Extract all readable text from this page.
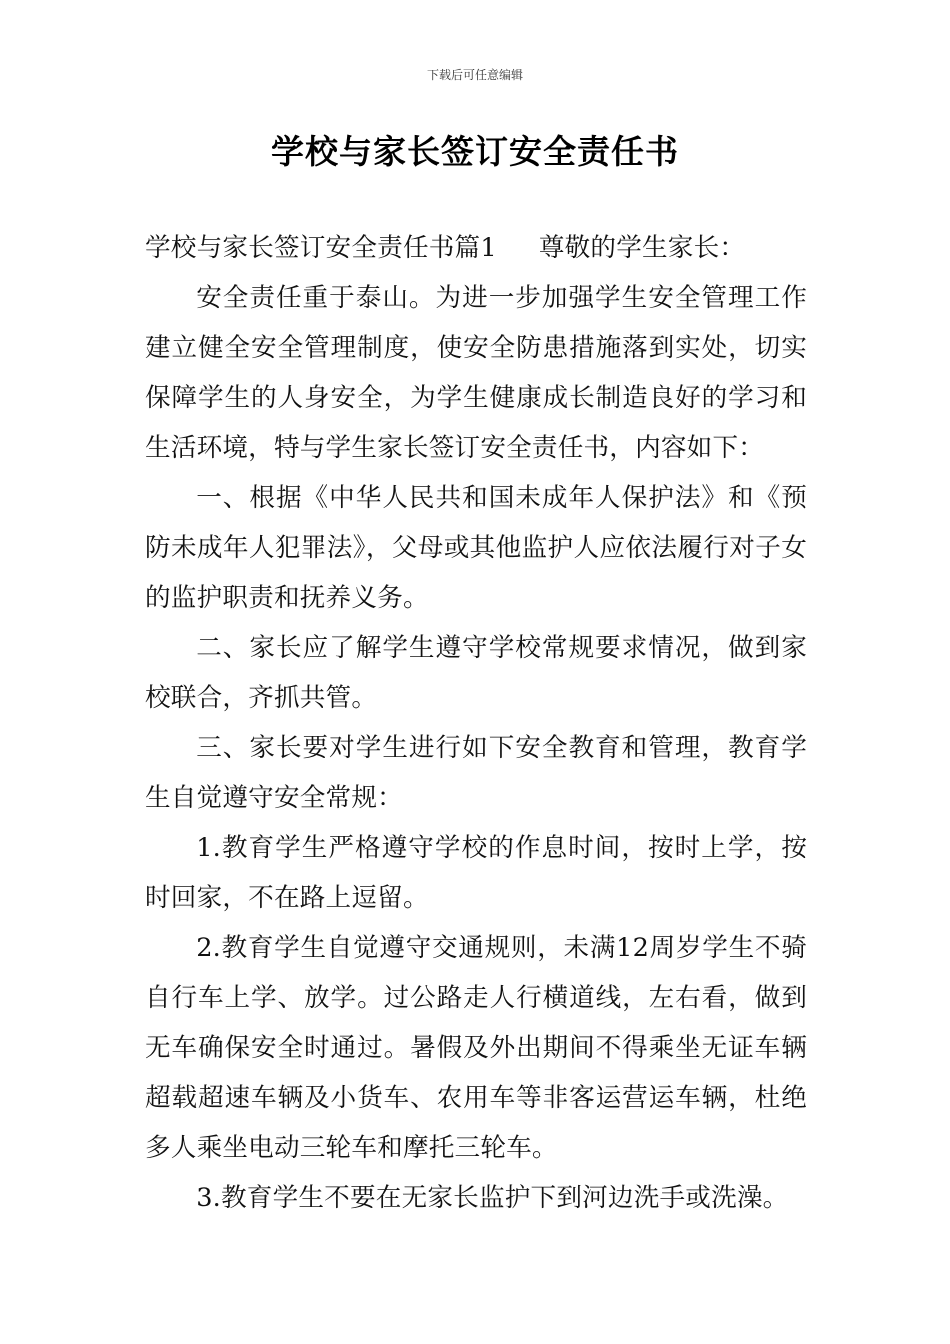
下载后可任意编辑
学校与家长签订安全责任书

学校与家长签订安全责任书篇1 尊敬的学生家长：

安全责任重于泰山。为进一步加强学生安全管理工作建立健全安全管理制度，使安全防患措施落到实处，切实保障学生的人身安全，为学生健康成长制造良好的学习和生活环境，特与学生家长签订安全责任书，内容如下：

一、根据《中华人民共和国未成年人保护法》和《预防未成年人犯罪法》，父母或其他监护人应依法履行对子女的监护职责和抚养义务。

二、家长应了解学生遵守学校常规要求情况，做到家校联合，齐抓共管。

三、家长要对学生进行如下安全教育和管理，教育学生自觉遵守安全常规：

1.教育学生严格遵守学校的作息时间，按时上学，按时回家，不在路上逗留。

2.教育学生自觉遵守交通规则，未满12周岁学生不骑自行车上学、放学。过公路走人行横道线，左右看，做到无车确保安全时通过。暑假及外出期间不得乘坐无证车辆超载超速车辆及小货车、农用车等非客运营运车辆，杜绝多人乘坐电动三轮车和摩托三轮车。

3.教育学生不要在无家长监护下到河边洗手或洗澡。
